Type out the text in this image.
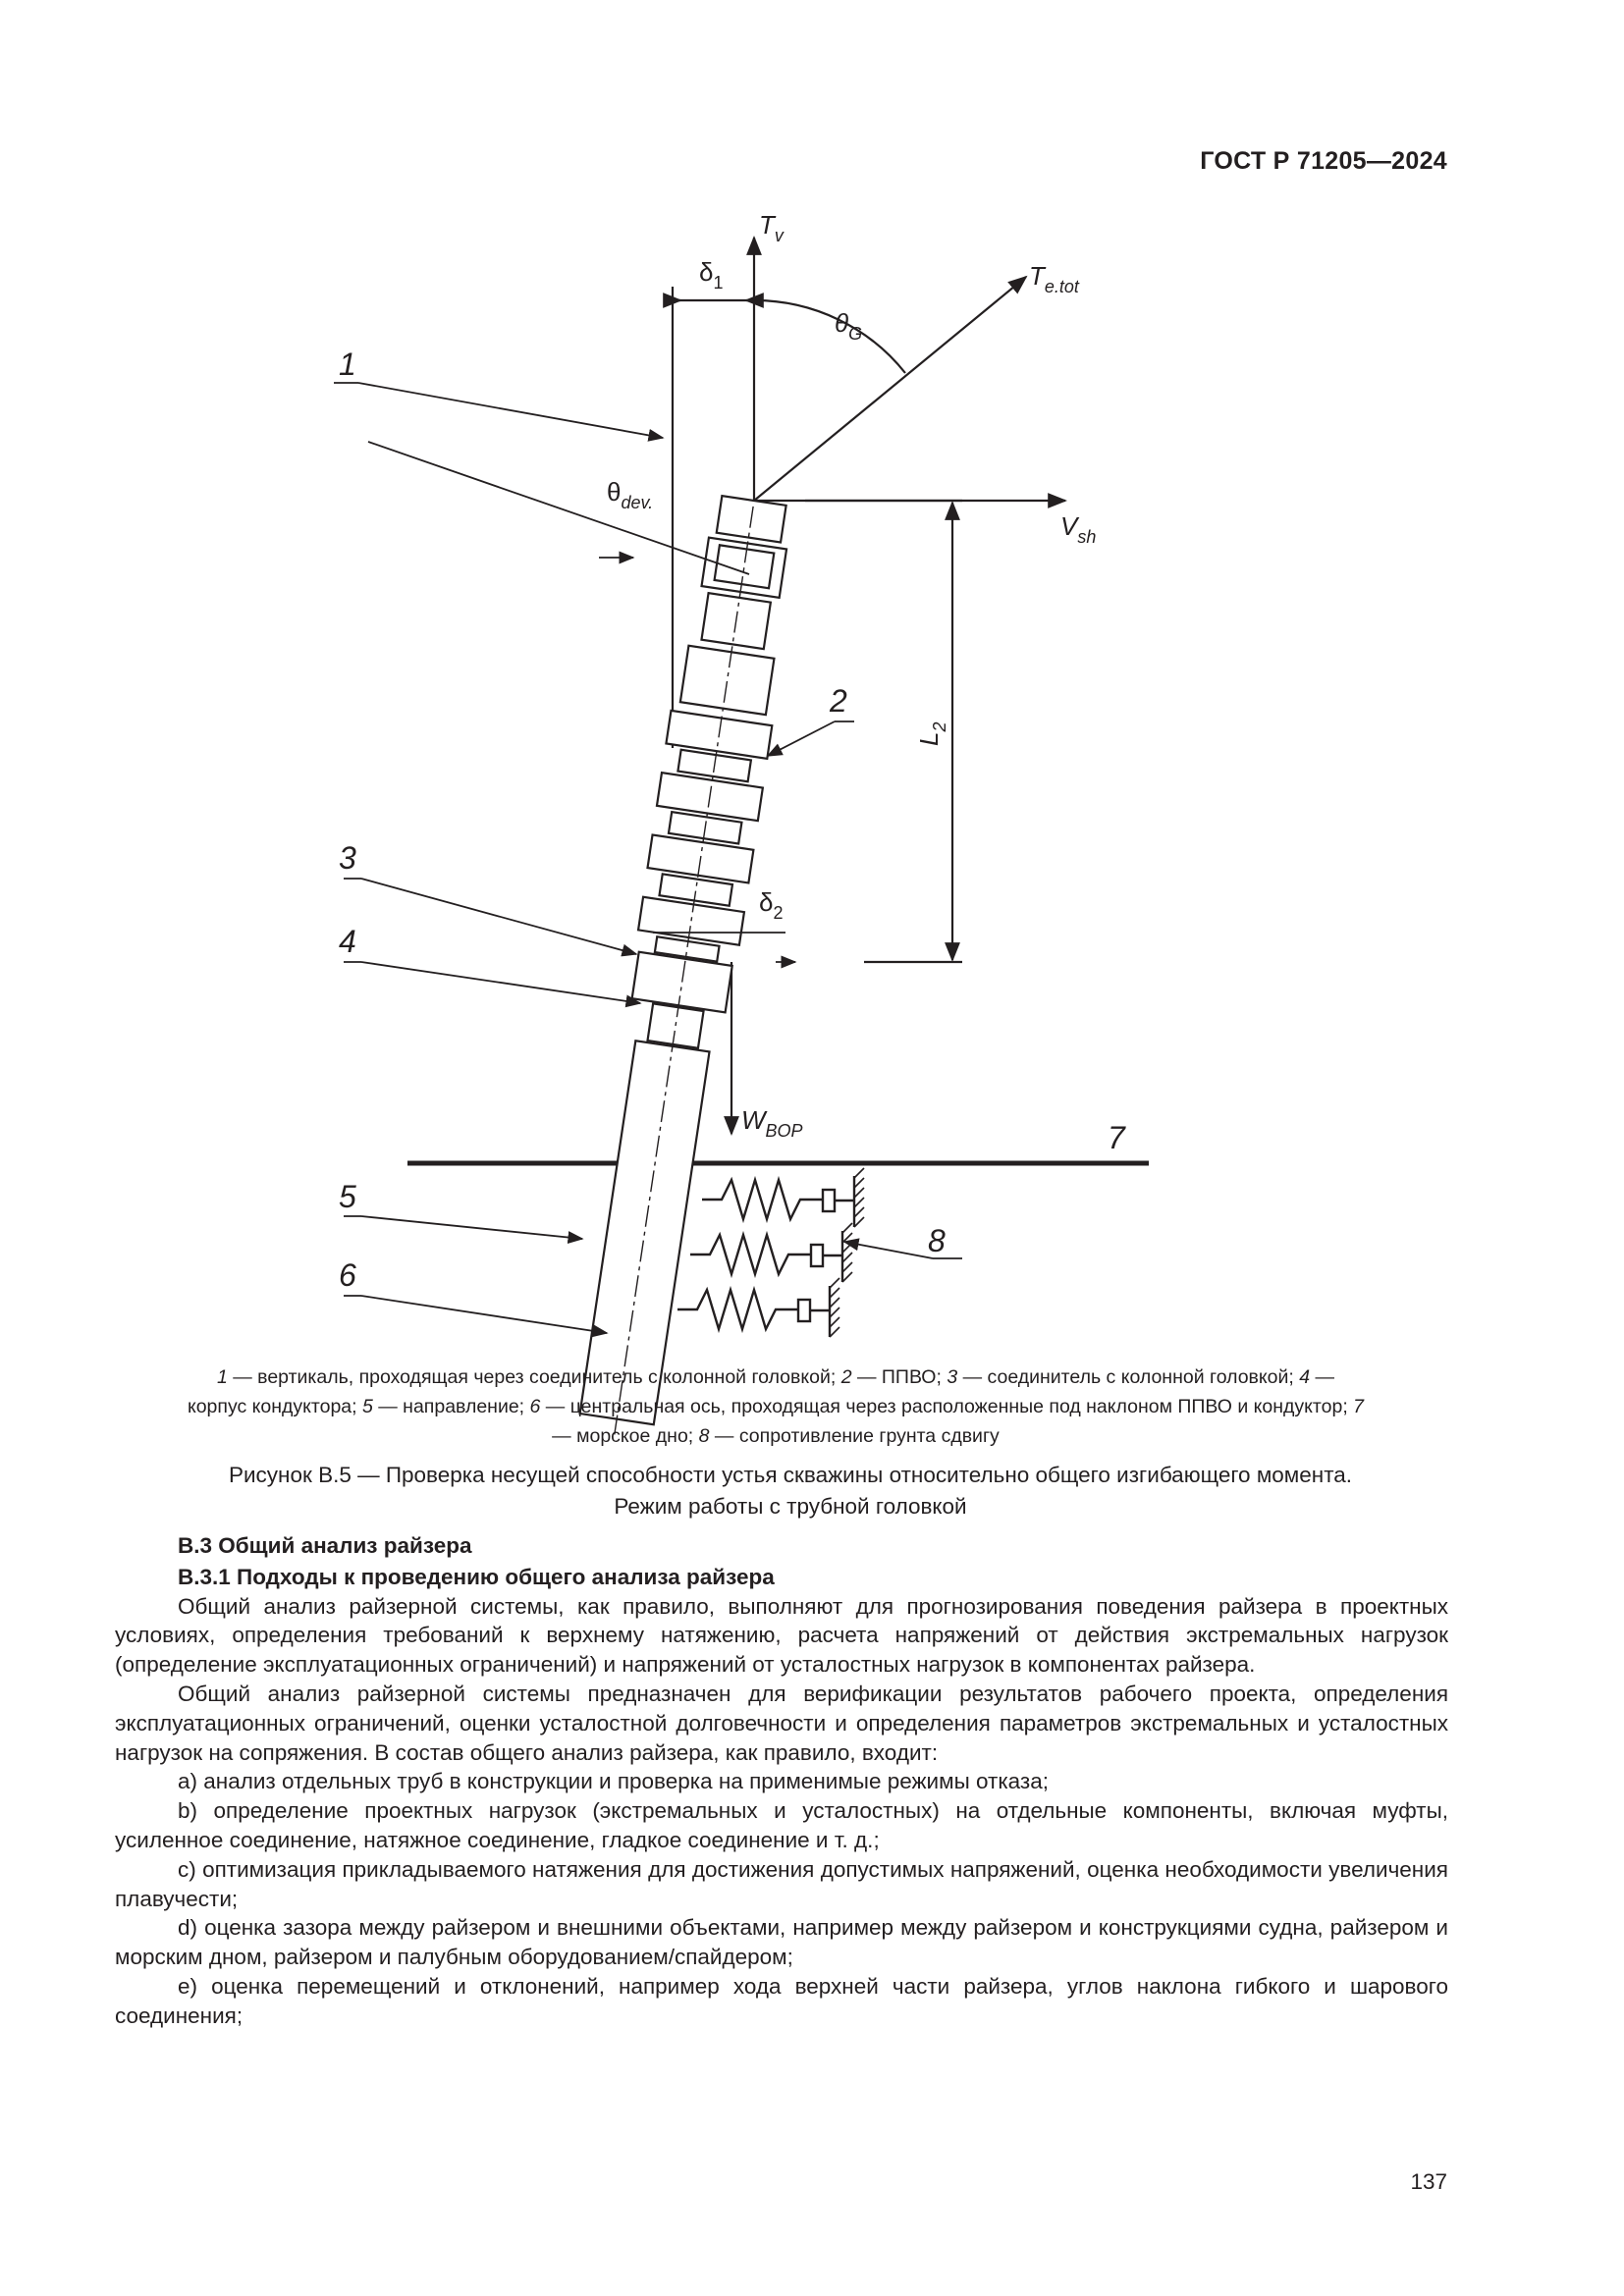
ГОСТ Р 71205—2024
$T_v$
$T_{e.tot}$
$V_{sh}$
$\theta_G$
$W_{BOP}$
$L_2$
$\delta_1$
$\theta_{dev.}$
$\delta_2$
1
2
3
4
5
6
7
8
1 — вертикаль, проходящая через соединитель с колонной головкой; 2 — ППВО; 3 — соединитель с колонной головкой; 4 — корпус кондуктора; 5 — направление; 6 — центральная ось, проходящая через расположенные под наклоном ППВО и кондуктор; 7 — морское дно; 8 — сопротивление грунта сдвигу
Рисунок В.5 — Проверка несущей способности устья скважины относительно общего изгибающего момента.
Режим работы с трубной головкой
В.3 Общий анализ райзера
В.3.1 Подходы к проведению общего анализа райзера

Общий анализ райзерной системы, как правило, выполняют для прогнозирования поведения райзера в проектных условиях, определения требований к верхнему натяжению, расчета напряжений от действия экстремальных нагрузок (определение эксплуатационных ограничений) и напряжений от усталостных нагрузок в компонентах райзера.

Общий анализ райзерной системы предназначен для верификации результатов рабочего проекта, определения эксплуатационных ограничений, оценки усталостной долговечности и определения параметров экстремальных и усталостных нагрузок на сопряжения. В состав общего анализ райзера, как правило, входит:

a) анализ отдельных труб в конструкции и проверка на применимые режимы отказа;

b) определение проектных нагрузок (экстремальных и усталостных) на отдельные компоненты, включая муфты, усиленное соединение, натяжное соединение, гладкое соединение и т. д.;

c) оптимизация прикладываемого натяжения для достижения допустимых напряжений, оценка необходимости увеличения плавучести;

d) оценка зазора между райзером и внешними объектами, например между райзером и конструкциями судна, райзером и морским дном, райзером и палубным оборудованием/спайдером;

e) оценка перемещений и отклонений, например хода верхней части райзера, углов наклона гибкого и шарового соединения;

137
